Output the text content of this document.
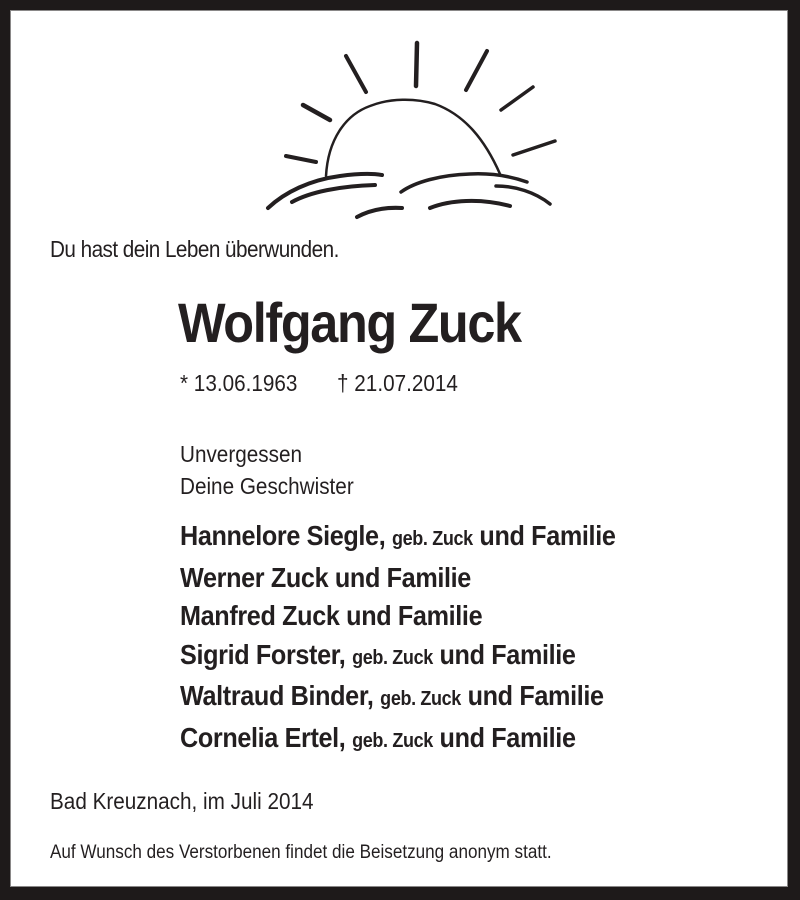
Du hast dein Leben überwunden.
Wolfgang Zuck
* 13.06.1963 † 21.07.2014
Unvergessen
Deine Geschwister
Hannelore Siegle, geb. Zuck und Familie
Werner Zuck und Familie
Manfred Zuck und Familie
Sigrid Forster, geb. Zuck und Familie
Waltraud Binder, geb. Zuck und Familie
Cornelia Ertel, geb. Zuck und Familie
Bad Kreuznach, im Juli 2014
Auf Wunsch des Verstorbenen findet die Beisetzung anonym statt.
